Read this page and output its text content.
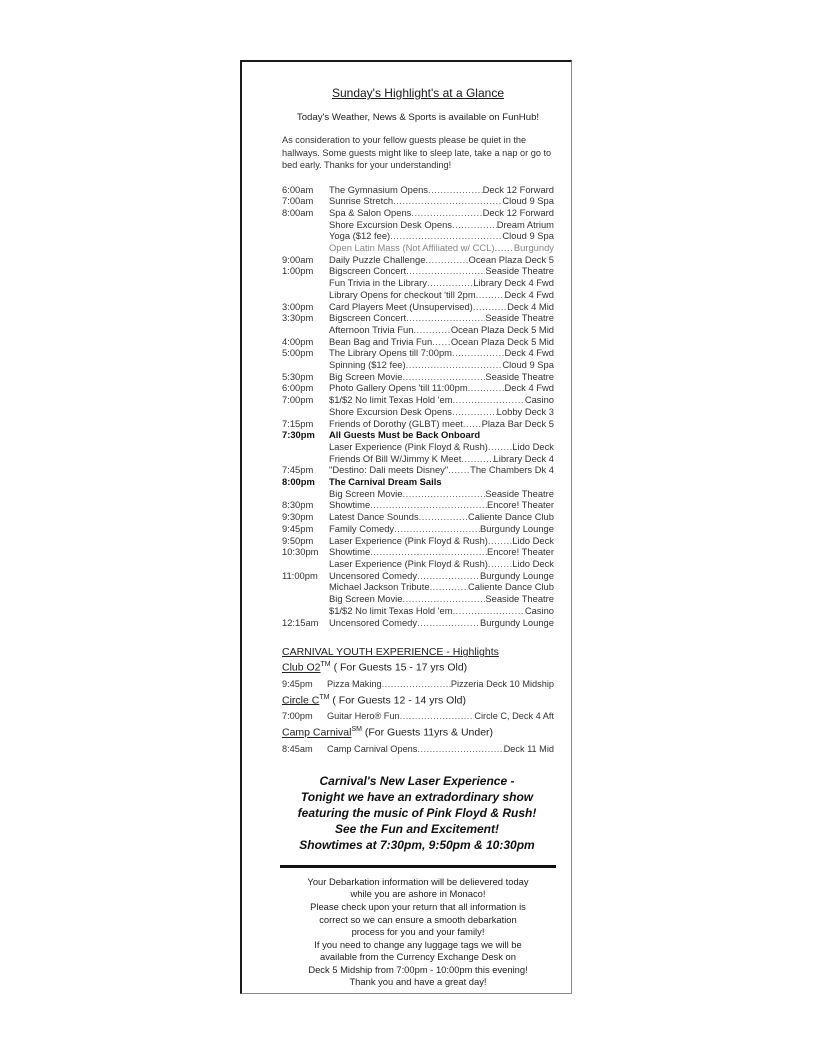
Sunday's Highlight's at a Glance
Today's Weather, News & Sports is available on FunHub!
As consideration to your fellow guests please be quiet in the hallways. Some guests might like to sleep late, take a nap or go to bed early. Thanks for your understanding!
6:00am	The Gymnasium Opens .....	Deck 12 Forward
7:00am	Sunrise Stretch .....	Cloud 9 Spa
8:00am	Spa & Salon Opens .....	Deck 12 Forward
Shore Excursion Desk Opens .....	Dream Atrium
Yoga ($12 fee) .....	Cloud 9 Spa
Open Latin Mass (Not Affiliated w/ CCL) ..... Burgundy
9:00am	Daily Puzzle Challenge .....	Ocean Plaza Deck 5
1:00pm	Bigscreen Concert .....	Seaside Theatre
Fun Trivia in the Library .....	Library Deck 4 Fwd
Library Opens for checkout 'till 2pm .....	Deck 4 Fwd
3:00pm	Card Players Meet (Unsupervised) .....	Deck 4 Mid
3:30pm	Bigscreen Concert .....	Seaside Theatre
Afternoon Trivia Fun .....	Ocean Plaza Deck 5 Mid
4:00pm	Bean Bag and Trivia Fun ..... Ocean Plaza Deck 5 Mid
5:00pm	The Library Opens till 7:00pm .....	Deck 4 Fwd
Spinning ($12 fee) .....	Cloud 9 Spa
5:30pm	Big Screen Movie .....	Seaside Theatre
6:00pm	Photo Gallery Opens 'till 11:00pm .....	Deck 4 Fwd
7:00pm	$1/$2 No limit Texas Hold 'em .....	Casino
Shore Excursion Desk Opens .....	Lobby Deck 3
7:15pm	Friends of Dorothy (GLBT) meet ..... Plaza Bar Deck 5
7:30pm	All Guests Must be Back Onboard
Laser Experience (Pink Floyd & Rush) .....	Lido Deck
Friends Of Bill W/Jimmy K Meet .....	Library Deck 4
7:45pm	"Destino: Dali meets Disney" ..... The Chambers Dk 4
8:00pm	The Carnival Dream Sails
Big Screen Movie .....	Seaside Theatre
8:30pm	Showtime .....	Encore! Theater
9:30pm	Latest Dance Sounds .....	Caliente Dance Club
9:45pm	Family Comedy .....	Burgundy Lounge
9:50pm	Laser Experience (Pink Floyd & Rush) .....	Lido Deck
10:30pm	Showtime .....	Encore! Theater
Laser Experience (Pink Floyd & Rush) .....	Lido Deck
11:00pm	Uncensored Comedy .....	Burgundy Lounge
Michael Jackson Tribute .....	Caliente Dance Club
Big Screen Movie .....	Seaside Theatre
$1/$2 No limit Texas Hold 'em .....	Casino
12:15am	Uncensored Comedy .....	Burgundy Lounge
CARNIVAL YOUTH EXPERIENCE - Highlights
Club O2™ ( For Guests 15 - 17 yrs Old)
9:45pm	Pizza Making .....	Pizzeria Deck 10 Midship
Circle C™ ( For Guests 12 - 14 yrs Old)
7:00pm	Guitar Hero® Fun .....	Circle C, Deck 4 Aft
Camp Carnival℠ (For Guests 11yrs & Under)
8:45am	Camp Carnival Opens .....	Deck 11 Mid
Carnival's New Laser Experience -
Tonight we have an extradordinary show
featuring the music of Pink Floyd & Rush!
See the Fun and Excitement!
Showtimes at 7:30pm, 9:50pm & 10:30pm
Your Debarkation information will be delievered today
while you are ashore in Monaco!
Please check upon your return that all information is
correct so we can ensure a smooth debarkation
process for you and your family!
If you need to change any luggage tags we will be
available from the Currency Exchange Desk on
Deck 5 Midship from 7:00pm - 10:00pm this evening!
Thank you and have a great day!
